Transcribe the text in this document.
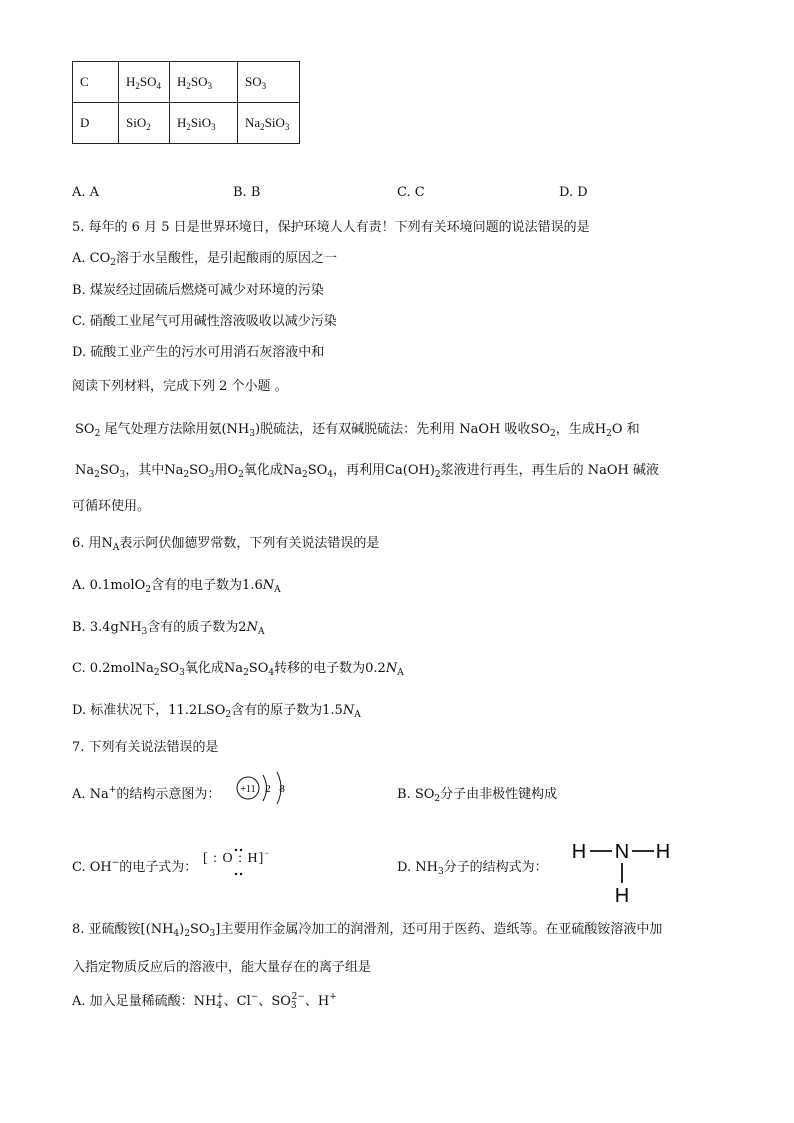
C	$H_2SO_4$	$H_2SO_3$	$SO_3$
D	SiO$_2$	$H_2SiO_3$	$Na_2SiO_3$
A. A	B. B	C. C	D. D
5. 每年的 6 月 5 日是世界环境日，保护环境人人有责！下列有关环境问题的说法错误的是
A. $CO_2$溶于水呈酸性，是引起酸雨的原因之一
B. 煤炭经过固硫后燃烧可减少对环境的污染
C. 硝酸工业尾气可用碱性溶液吸收以减少污染
D. 硫酸工业产生的污水可用消石灰溶液中和
阅读下列材料，完成下列 2 个小题 。
$SO_2$ 尾气处理方法除用氨$(NH_3)$脱硫法，还有双碱脱硫法：先利用 NaOH 吸收$SO_2$，生成$H_2O$ 和
$Na_2SO_3$，其中$Na_2SO_3$用$O_2$氧化成$Na_2SO_4$，再利用$Ca(OH)_2$浆液进行再生，再生后的 NaOH 碱液
可循环使用。
6. 用$N_A$表示阿伏伽德罗常数，下列有关说法错误的是
A. 0.1molO$_2$含有的电子数为$1.6N_A$
B. 3.4gNH$_3$含有的质子数为$2N_A$
C. $0.2molNa_2SO_3$氧化成$Na_2SO_4$转移的电子数为$0.2N_A$
D. 标准状况下，$11.2LSO_2$含有的原子数为$1.5N_A$
7. 下列有关说法错误的是
A. Na+的结构示意图为： +11 2 8	B. $SO_2$分子由非极性键构成
C. OH−的电子式为：
[ : O : H]−
D. $NH_3$分子的结构式为：
H N H
H
8. 亚硫酸铵$[(NH_4)_2SO_3]$主要用作金属冷加工的润滑剂，还可用于医药、造纸等。在亚硫酸铵溶液中加
入指定物质反应后的溶液中，能大量存在的离子组是
A. 加入足量稀硫酸：$NH_4^+$、Cl−、$SO_3^{2-}$、H+
